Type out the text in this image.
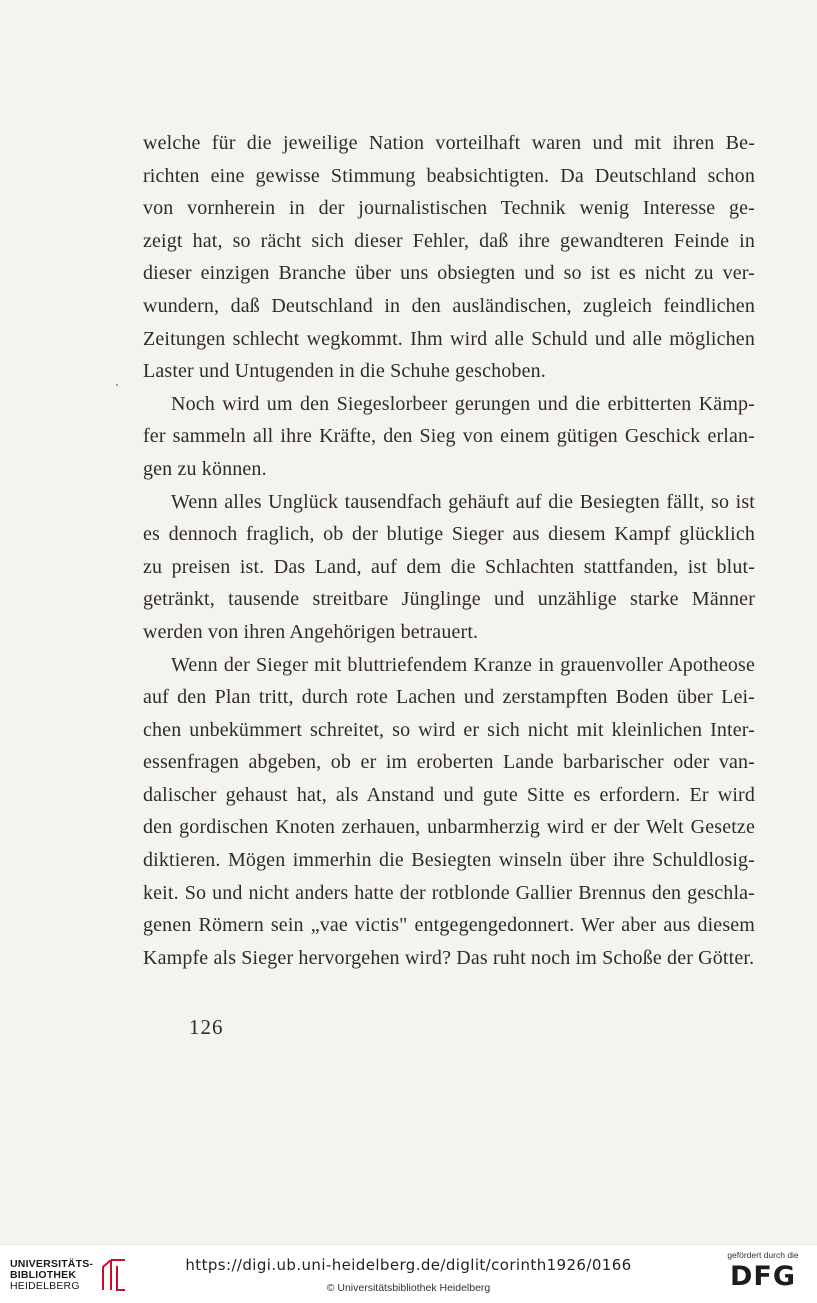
welche für die jeweilige Nation vorteilhaft waren und mit ihren Be-
richten eine gewisse Stimmung beabsichtigten. Da Deutschland schon
von vornherein in der journalistischen Technik wenig Interesse ge-
zeigt hat, so rächt sich dieser Fehler, daß ihre gewandteren Feinde in
dieser einzigen Branche über uns obsiegten und so ist es nicht zu ver-
wundern, daß Deutschland in den ausländischen, zugleich feindlichen
Zeitungen schlecht wegkommt. Ihm wird alle Schuld und alle möglichen
Laster und Untugenden in die Schuhe geschoben.
Noch wird um den Siegeslorbeer gerungen und die erbitterten Kämp-
fer sammeln all ihre Kräfte, den Sieg von einem gütigen Geschick erlan-
gen zu können.
Wenn alles Unglück tausendfach gehäuft auf die Besiegten fällt, so ist
es dennoch fraglich, ob der blutige Sieger aus diesem Kampf glücklich
zu preisen ist. Das Land, auf dem die Schlachten stattfanden, ist blut-
getränkt, tausende streitbare Jünglinge und unzählige starke Männer
werden von ihren Angehörigen betrauert.
Wenn der Sieger mit bluttriefendem Kranze in grauenvoller Apotheose
auf den Plan tritt, durch rote Lachen und zerstampften Boden über Lei-
chen unbekümmert schreitet, so wird er sich nicht mit kleinlichen Inter-
essenfragen abgeben, ob er im eroberten Lande barbarischer oder van-
dalischer gehaust hat, als Anstand und gute Sitte es erfordern. Er wird
den gordischen Knoten zerhauen, unbarmherzig wird er der Welt Gesetze
diktieren. Mögen immerhin die Besiegten winseln über ihre Schuldlosig-
keit. So und nicht anders hatte der rotblonde Gallier Brennus den geschla-
genen Römern sein „vae victis" entgegengedonnert. Wer aber aus diesem
Kampfe als Sieger hervorgehen wird? Das ruht noch im Schoße der Götter.
126
UNIVERSITÄTS-
BIBLIOTHEK
HEIDELBERG
https://digi.ub.uni-heidelberg.de/diglit/corinth1926/0166
© Universitätsbibliothek Heidelberg
gefördert durch die
DFG
